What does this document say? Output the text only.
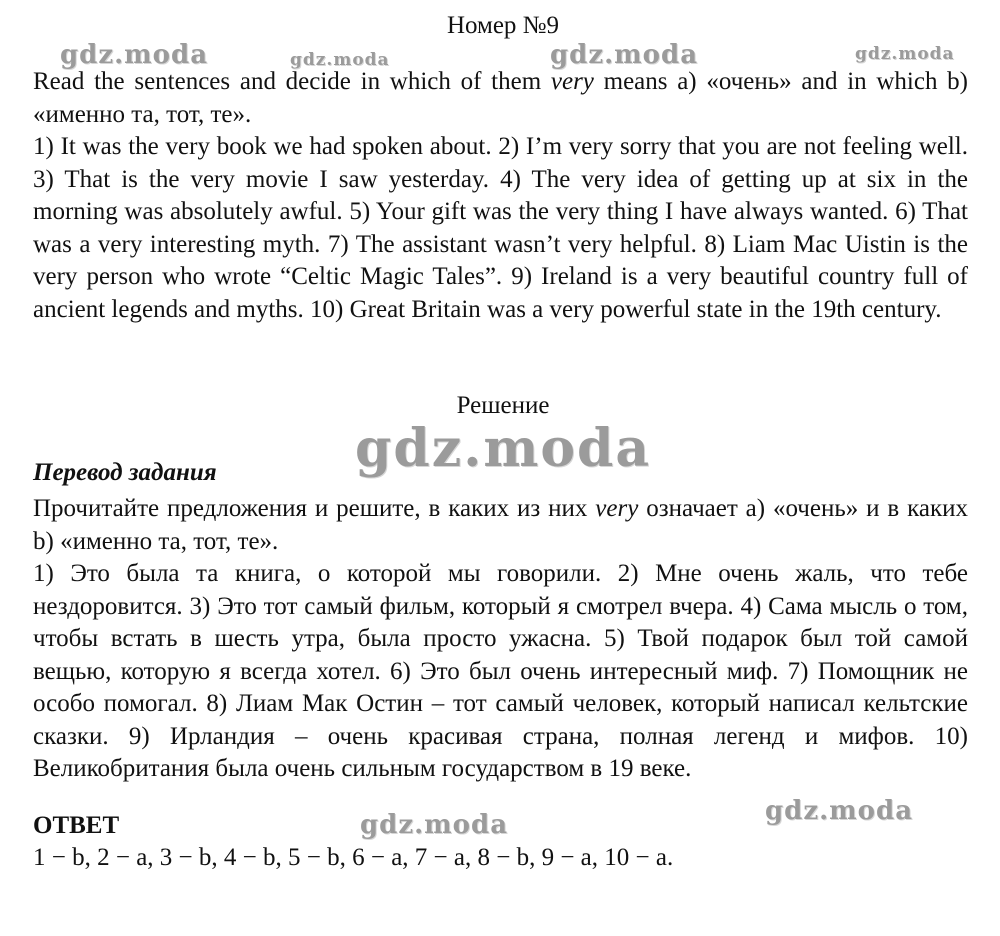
gdz.moda	gdz.moda	gdz.moda	gdz.moda
gdz.moda
gdz.moda	gdz.moda
Номер №9
Read the sentences and decide in which of them very means a) «очень» and in which b) «именно та, тот, те».
1) It was the very book we had spoken about. 2) I’m very sorry that you are not feeling well. 3) That is the very movie I saw yesterday. 4) The very idea of getting up at six in the morning was absolutely awful. 5) Your gift was the very thing I have always wanted. 6) That was a very interesting myth. 7) The assistant wasn’t very helpful. 8) Liam Mac Uistin is the very person who wrote “Celtic Magic Tales”. 9) Ireland is a very beautiful country full of ancient legends and myths. 10) Great Britain was a very powerful state in the 19th century.
Решение
Перевод задания
Прочитайте предложения и решите, в каких из них very означает a) «очень» и в каких b) «именно та, тот, те».
1) Это была та книга, о которой мы говорили. 2) Мне очень жаль, что тебе нездоровится. 3) Это тот самый фильм, который я смотрел вчера. 4) Сама мысль о том, чтобы встать в шесть утра, была просто ужасна. 5) Твой подарок был той самой вещью, которую я всегда хотел. 6) Это был очень интересный миф. 7) Помощник не особо помогал. 8) Лиам Мак Остин – тот самый человек, который написал кельтские сказки. 9) Ирландия – очень красивая страна, полная легенд и мифов. 10) Великобритания была очень сильным государством в 19 веке.
ОТВЕТ
1 − b, 2 − a, 3 − b, 4 − b, 5 − b, 6 − a, 7 − a, 8 − b, 9 − a, 10 − a.
